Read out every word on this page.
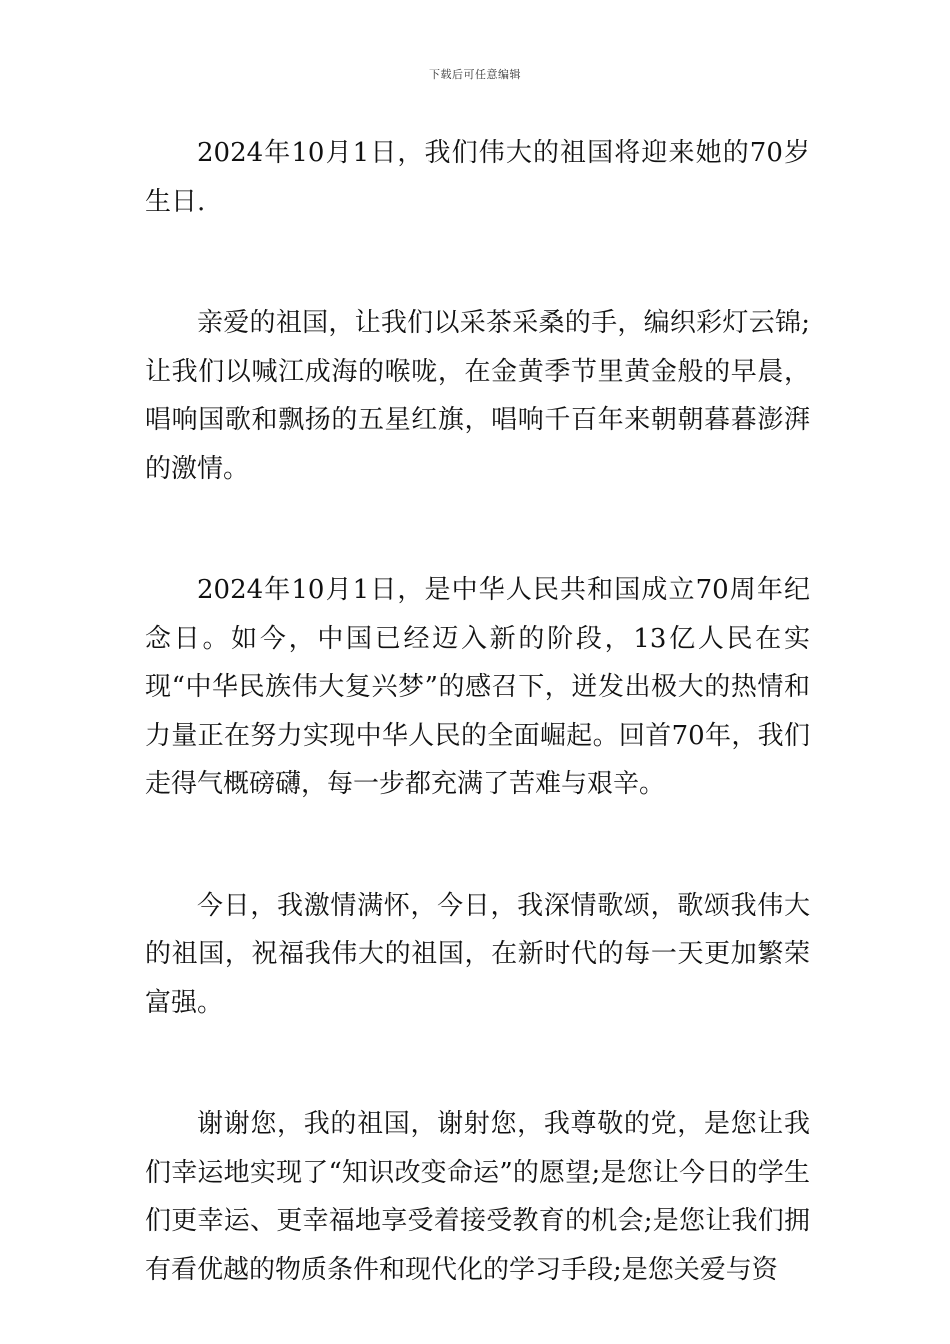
下载后可任意编辑

2024年10月1日，我们伟大的祖国将迎来她的70岁生日.

亲爱的祖国，让我们以采茶采桑的手，编织彩灯云锦;让我们以喊江成海的喉咙，在金黄季节里黄金般的早晨，唱响国歌和飘扬的五星红旗，唱响千百年来朝朝暮暮澎湃的激情。

2024年10月1日，是中华人民共和国成立70周年纪念日。如今，中国已经迈入新的阶段，13亿人民在实现“中华民族伟大复兴梦”的感召下，迸发出极大的热情和力量正在努力实现中华人民的全面崛起。回首70年，我们走得气概磅礴，每一步都充满了苦难与艰辛。

今日，我激情满怀，今日，我深情歌颂，歌颂我伟大的祖国，祝福我伟大的祖国，在新时代的每一天更加繁荣富强。

谢谢您，我的祖国，谢射您，我尊敬的党，是您让我们幸运地实现了“知识改变命运”的愿望;是您让今日的学生们更幸运、更幸福地享受着接受教育的机会;是您让我们拥有看优越的物质条件和现代化的学习手段;是您关爱与资
